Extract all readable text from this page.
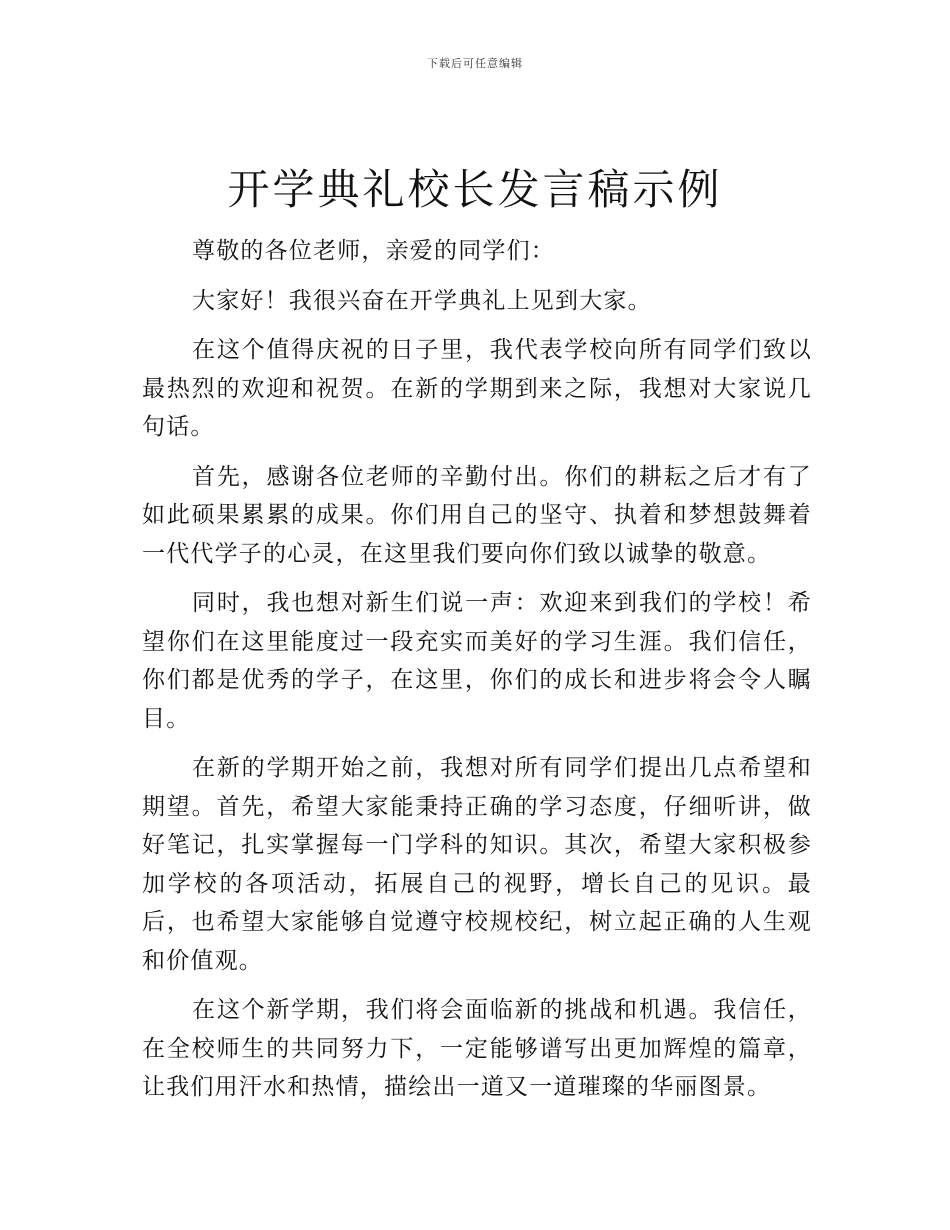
下载后可任意编辑
开学典礼校长发言稿示例

尊敬的各位老师，亲爱的同学们：

大家好！我很兴奋在开学典礼上见到大家。

在这个值得庆祝的日子里，我代表学校向所有同学们致以最热烈的欢迎和祝贺。在新的学期到来之际，我想对大家说几句话。

首先，感谢各位老师的辛勤付出。你们的耕耘之后才有了如此硕果累累的成果。你们用自己的坚守、执着和梦想鼓舞着一代代学子的心灵，在这里我们要向你们致以诚挚的敬意。

同时，我也想对新生们说一声：欢迎来到我们的学校！希望你们在这里能度过一段充实而美好的学习生涯。我们信任，你们都是优秀的学子，在这里，你们的成长和进步将会令人瞩目。

在新的学期开始之前，我想对所有同学们提出几点希望和期望。首先，希望大家能秉持正确的学习态度，仔细听讲，做好笔记，扎实掌握每一门学科的知识。其次，希望大家积极参加学校的各项活动，拓展自己的视野，增长自己的见识。最后，也希望大家能够自觉遵守校规校纪，树立起正确的人生观和价值观。

在这个新学期，我们将会面临新的挑战和机遇。我信任，在全校师生的共同努力下，一定能够谱写出更加辉煌的篇章，让我们用汗水和热情，描绘出一道又一道璀璨的华丽图景。
